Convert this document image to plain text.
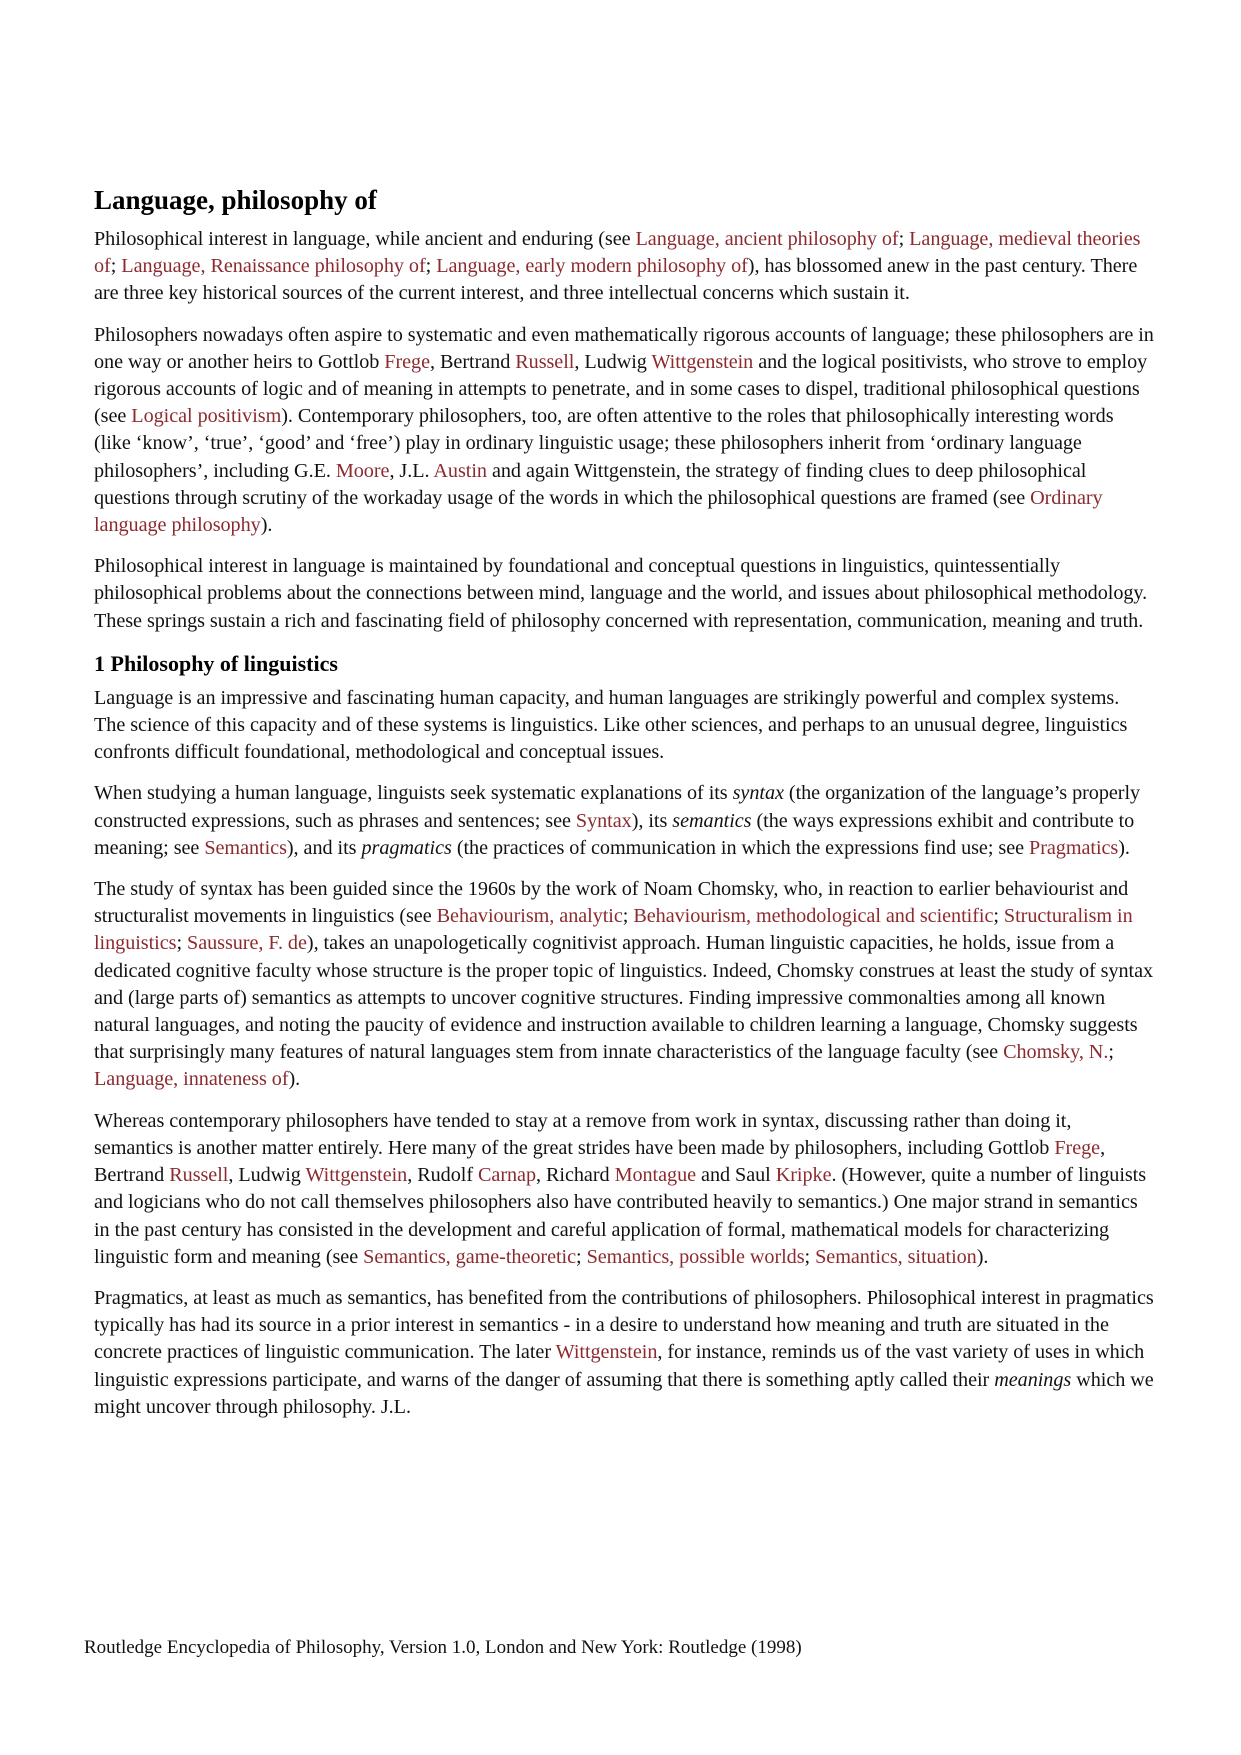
Language, philosophy of

Philosophical interest in language, while ancient and enduring (see Language, ancient philosophy of; Language, medieval theories of; Language, Renaissance philosophy of; Language, early modern philosophy of), has blossomed anew in the past century. There are three key historical sources of the current interest, and three intellectual concerns which sustain it.

Philosophers nowadays often aspire to systematic and even mathematically rigorous accounts of language; these philosophers are in one way or another heirs to Gottlob Frege, Bertrand Russell, Ludwig Wittgenstein and the logical positivists, who strove to employ rigorous accounts of logic and of meaning in attempts to penetrate, and in some cases to dispel, traditional philosophical questions (see Logical positivism). Contemporary philosophers, too, are often attentive to the roles that philosophically interesting words (like ‘know’, ‘true’, ‘good’ and ‘free’) play in ordinary linguistic usage; these philosophers inherit from ‘ordinary language philosophers’, including G.E. Moore, J.L. Austin and again Wittgenstein, the strategy of finding clues to deep philosophical questions through scrutiny of the workaday usage of the words in which the philosophical questions are framed (see Ordinary language philosophy).

Philosophical interest in language is maintained by foundational and conceptual questions in linguistics, quintessentially philosophical problems about the connections between mind, language and the world, and issues about philosophical methodology. These springs sustain a rich and fascinating field of philosophy concerned with representation, communication, meaning and truth.

1 Philosophy of linguistics

Language is an impressive and fascinating human capacity, and human languages are strikingly powerful and complex systems. The science of this capacity and of these systems is linguistics. Like other sciences, and perhaps to an unusual degree, linguistics confronts difficult foundational, methodological and conceptual issues.

When studying a human language, linguists seek systematic explanations of its syntax (the organization of the language’s properly constructed expressions, such as phrases and sentences; see Syntax), its semantics (the ways expressions exhibit and contribute to meaning; see Semantics), and its pragmatics (the practices of communication in which the expressions find use; see Pragmatics).

The study of syntax has been guided since the 1960s by the work of Noam Chomsky, who, in reaction to earlier behaviourist and structuralist movements in linguistics (see Behaviourism, analytic; Behaviourism, methodological and scientific; Structuralism in linguistics; Saussure, F. de), takes an unapologetically cognitivist approach. Human linguistic capacities, he holds, issue from a dedicated cognitive faculty whose structure is the proper topic of linguistics. Indeed, Chomsky construes at least the study of syntax and (large parts of) semantics as attempts to uncover cognitive structures. Finding impressive commonalties among all known natural languages, and noting the paucity of evidence and instruction available to children learning a language, Chomsky suggests that surprisingly many features of natural languages stem from innate characteristics of the language faculty (see Chomsky, N.; Language, innateness of).

Whereas contemporary philosophers have tended to stay at a remove from work in syntax, discussing rather than doing it, semantics is another matter entirely. Here many of the great strides have been made by philosophers, including Gottlob Frege, Bertrand Russell, Ludwig Wittgenstein, Rudolf Carnap, Richard Montague and Saul Kripke. (However, quite a number of linguists and logicians who do not call themselves philosophers also have contributed heavily to semantics.) One major strand in semantics in the past century has consisted in the development and careful application of formal, mathematical models for characterizing linguistic form and meaning (see Semantics, game-theoretic; Semantics, possible worlds; Semantics, situation).

Pragmatics, at least as much as semantics, has benefited from the contributions of philosophers. Philosophical interest in pragmatics typically has had its source in a prior interest in semantics - in a desire to understand how meaning and truth are situated in the concrete practices of linguistic communication. The later Wittgenstein, for instance, reminds us of the vast variety of uses in which linguistic expressions participate, and warns of the danger of assuming that there is something aptly called their meanings which we might uncover through philosophy. J.L.

Routledge Encyclopedia of Philosophy, Version 1.0, London and New York: Routledge (1998)
